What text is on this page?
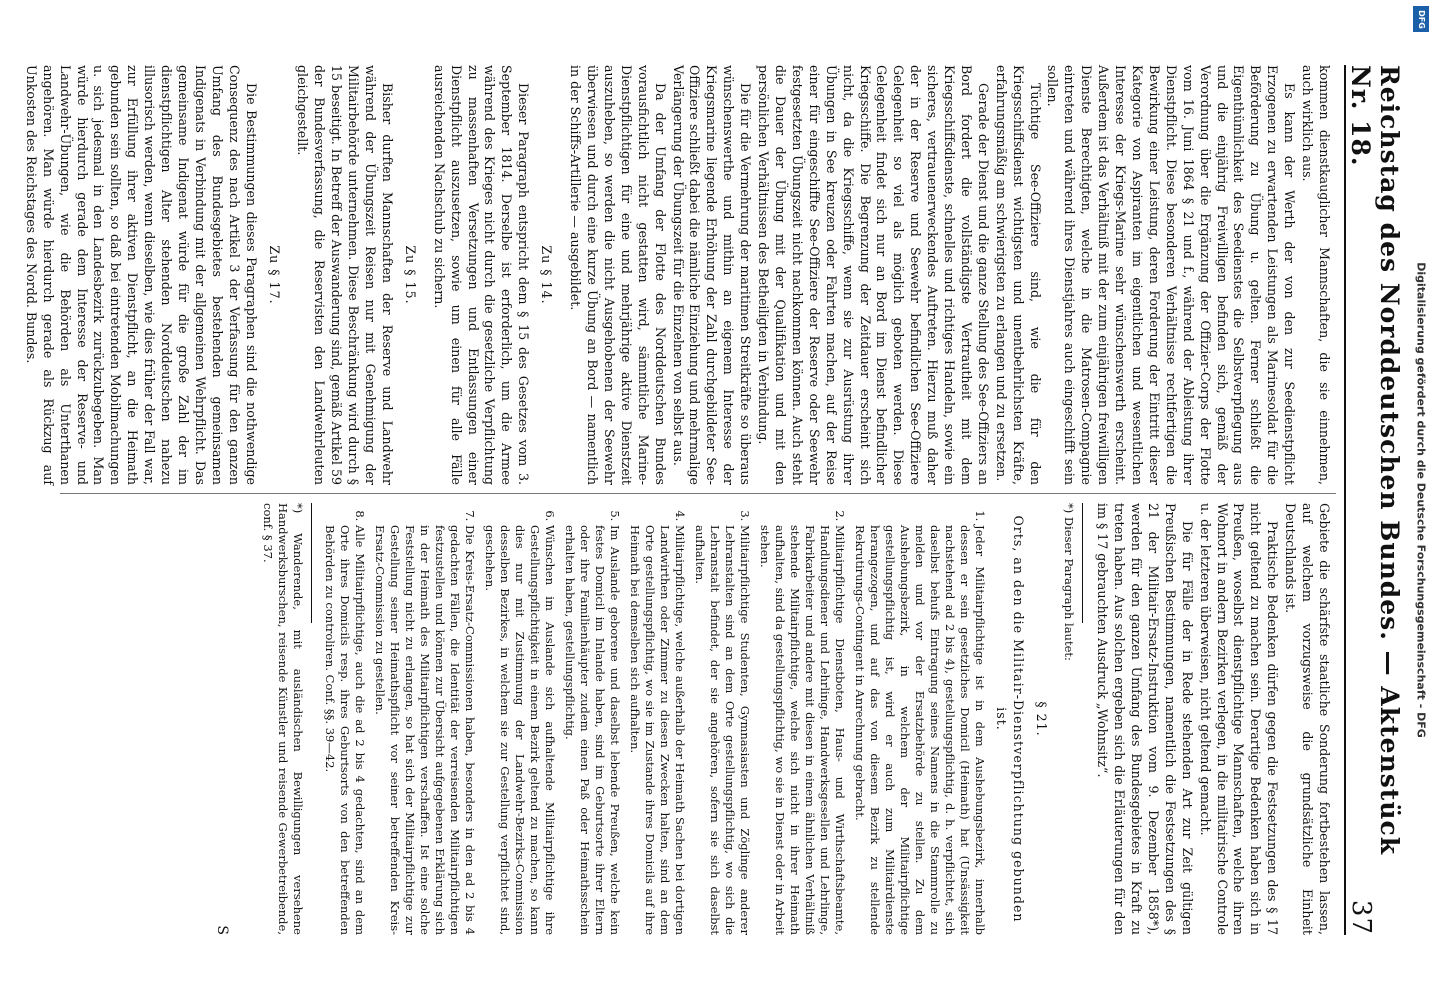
Reichstag des Norddeutschen Bundes. — Aktenstück Nr. 18.
37

kommen dienstkauglicher Mannschaften, die sie einnehmen, auch wirklich aus.

Es kann der Werth der von den zur Seedienstpflicht Erzogenen zu erwartenden Leistungen als Marinesoldat für die Beförderung zu Übung u. gelten. Ferner schließt die Eigenthümlichkeit des Seedienstes die Selbstverpflegung aus und die einjährig Freiwilligen befinden sich, gemäß der Verordnung über die Ergänzung der Offizier-Corps der Flotte vom 16. Juni 1864 § 21 und f., während der Ableistung ihrer Dienstpflicht. Diese besonderen Verhältnisse rechtfertigen die Bewirkung einer Leistung, deren Forderung der Eintritt dieser Kategorie von Aspiranten im eigentlichen und wesentlichen Interesse der Kriegs-Marine sehr wünschenswerth erscheint. Außerdem ist das Verhältniß mit der zum einjährigen freiwilligen Dienste Berechtigten, welche in die Matrosen-Compagnie eintreten und während ihres Dienstjahres auch eingeschifft sein sollen.

Tüchtige See-Offiziere sind, wie die für den Kriegsschiffsdienst wichtigsten und unentbehrlichsten Kräfte, erfahrungsmäßig am schwierigsten zu erlangen und zu ersetzen.

Gerade der Dienst und die ganze Stellung des See-Offiziers an Bord fordert die vollständigste Vertrautheit mit dem Kriegsschiffsdienste, schnelles und richtiges Handeln, sowie ein sicheres, vertrauenerweckendes Auftreten. Hierzu muß daher der in der Reserve und Seewehr befindlichen See-Offiziere Gelegenheit so viel als möglich geboten werden. Diese Gelegenheit findet sich nur an Bord im Dienst befindlicher Kriegsschiffe. Die Begrenzung der Zeitdauer erscheint sich nicht, da die Kriegsschiffe, wenn sie zur Ausrüstung ihrer Übungen in See kreuzen oder Fahrten machen, auf der Reise einer für eingeschiffte See-Offiziere der Reserve oder Seewehr festgesetzten Übungszeit nicht nachkommen können. Auch steht die Dauer der Übung mit der Qualifikation und mit den persönlichen Verhältnissen des Betheiligten in Verbindung.

Die für die Vermehrung der maritimen Streitkräfte so überaus wünschenswerthe und mithin an eigenem Interesse der Kriegsmarine liegende Erhöhung der Zahl durchgebildeter See-Offiziere schließt dabei die nämliche Einziehung und mehrmalige Verlängerung der Übungszeit für die Einzelnen von selbst aus.

Da der Umfang der Flotte des Norddeutschen Bundes vorausfichtlich nicht gestatten wird, sämmtliche Marine-Dienstpflichtigen für eine und mehrjährige aktive Dienstzeit auszuheben, so werden die nicht Ausgehobenen der Seewehr überwiesen und durch eine kurze Übung an Bord — namentlich in der Schiffs-Artillerie — ausgebildet.

Zu § 14.

Dieser Paragraph entspricht dem § 15 des Gesetzes vom 3. September 1814. Derselbe ist erforderlich, um die Armee während des Krieges nicht durch die gesetzliche Verpflichtung zu massenhaften Versetzungen und Entlassungen einer Dienstpflicht auszusetzen, sowie um einen für alle Fälle ausreichenden Nachschub zu sichern.

Zu § 15.

Bisher durften Mannschaften der Reserve und Landwehr während der Übungszeit Reisen nur mit Genehmigung der Militairbehörde unternehmen. Diese Beschränkung wird durch § 15 beseitigt. In Betreff der Auswanderung sind, gemäß Artikel 59 der Bundesverfassung, die Reservisten den Landwehrleuten gleichgestellt.

Zu § 17.

Die Bestimmungen dieses Paragraphen sind die nothwendige Consequenz des nach Artikel 3 der Verfassung für den ganzen Umfang des Bundesgebietes bestehenden gemeinsamen Indigenats in Verbindung mit der allgemeinen Wehrpflicht. Das gemeinsame Indigenat würde für die große Zahl der im dienstpflichtigen Alter stehenden Norddeutschen nahezu illusorisch werden, wenn dieselben, wie dies früher der Fall war, zur Erfüllung ihrer aktiven Dienstpflicht, an die Heimath gebunden sein sollten, so daß bei eintretenden Mobilmachungen u. sich jedesmal in den Landesbezirk zurückzubegeben. Man würde hierdurch gerade dem Interesse der Reserve- und Landwehr-Übungen, wie die Behörden als Unterthanen angehören. Man würde hierdurch gerade als Rückzug auf Unkosten des Reichstages des Nordd. Bundes.

Gebiete die schärfste staatliche Sonderung fortbestehen lassen, auf welchem vorzugsweise die grundsätzliche Einheit Deutschlands ist.

Praktische Bedenken dürfen gegen die Festsetzungen des § 17 nicht geltend zu machen sein. Derartige Bedenken haben sich in Preußen, woselbst dienstpflichtige Mannschaften, welche ihren Wohnort in andern Bezirken verlegen, in die militairische Controle u. der letzteren überweisen, nicht geltend gemacht.

Die für Fälle der in Rede stehenden Art zur Zeit gültigen Preußischen Bestimmungen, namentlich die Festsetzungen des § 21 der Militair-Ersatz-Instruktion vom 9. Dezember 1858*), werden für den ganzen Umfang des Bundesgebietes in Kraft zu treten haben. Aus solchen ergeben sich die Erläuterungen für den im § 17 gebrauchten Ausdruck „Wohnsitz“.

*) Dieser Paragraph lautet:

§ 21.
Orts, an den die Militair-Dienstverpflichtung gebunden ist.
1. Jeder Militairpflichtige ist in dem Aushebungsbezirk, innerhalb dessen er sein gesetzliches Domicil (Heimath) hat (Unsässigkeit nachstehend ad 2 bis 4), gestellungspflichtig, d. h. verpflichtet, sich daselbst behufs Eintragung seines Namens in die Stammrolle zu melden und vor der Ersatzbehörde zu stellen. Zu dem Aushebungsbezirk, in welchem der Militairpflichtige gestellungspflichtig ist, wird er auch zum Militairdienste herangezogen, und auf das von diesem Bezirk zu stellende Rekrutirungs-Contingent in Anrechnung gebracht.
2. Militairpflichtige Dienstboten, Haus- und Wirthschaftsbeamte, Handlungsdiener und Lehrlinge, Handwerksgesellen und Lehrlinge, Fabrikarbeiter und andere mit diesen in einem ähnlichen Verhältniß stehende Militairpflichtige, welche sich nicht in ihrer Heimath aufhalten, sind da gestellungspflichtig, wo sie in Dienst oder in Arbeit stehen.
3. Militairpflichtige Studenten, Gymnasiasten und Zöglinge anderer Lehranstalten sind an dem Orte gestellungspflichtig, wo sich die Lehranstalt befindet, der sie angehören, sofern sie sich daselbst aufhalten.
4. Militairpflichtige, welche außerhalb der Heimath Sachen bei dortigen Landwirthen oder Zimmer zu diesen Zwecken halten, sind an dem Orte gestellungspflichtig, wo sie im Zustande ihres Domicils auf ihre Heimath bei demselben sich aufhalten.
5. Im Auslande geborene und daselbst lebende Preußen, welche kein festes Domicil im Inlande haben, sind im Geburtsorte ihrer Eltern oder ihre Familienhäupter zudem einen Paß oder Heimathsschein erhalten haben, gestellungspflichtig.
6. Wünschen im Auslande sich aufhaltende Militairpflichtige ihre Gestellungspflichtigkeit in einem Bezirk geltend zu machen, so kann dies nur mit Zustimmung der Landwehr-Bezirks-Commission desselben Bezirkes, in welchem sie zur Gestellung verpflichtet sind, geschehen.
7. Die Kreis-Ersatz-Commissionen haben, besonders in den ad 2 bis 4 gedachten Fällen, die Identität der verreisenden Militairpflichtigen festzustellen und können zur Übersicht aufgegebenen Erklärung sich in der Heimath des Militairpflichtigen verschaffen. Ist eine solche Feststellung nicht zu erlangen, so hat sich der Militairpflichtige zur Gestellung seiner Heimathspflicht vor seiner betreffenden Kreis-Ersatz-Commission zu gestellen.
8. Alle Militairpflichtige, auch die ad 2 bis 4 gedachten, sind an dem Orte ihres Domicils resp. ihres Geburtsorts von den betreffenden Behörden zu controliren. Conf. §§. 39—42.

*) Wanderende, mit ausländischen Bewilligungen versehene Handwerksburschen, reisende Künstler und reisende Gewerbetreibende, conf. § 37.

S
DFG
Digitalisierung gefördert durch die Deutsche Forschungsgemeinschaft - DFG
